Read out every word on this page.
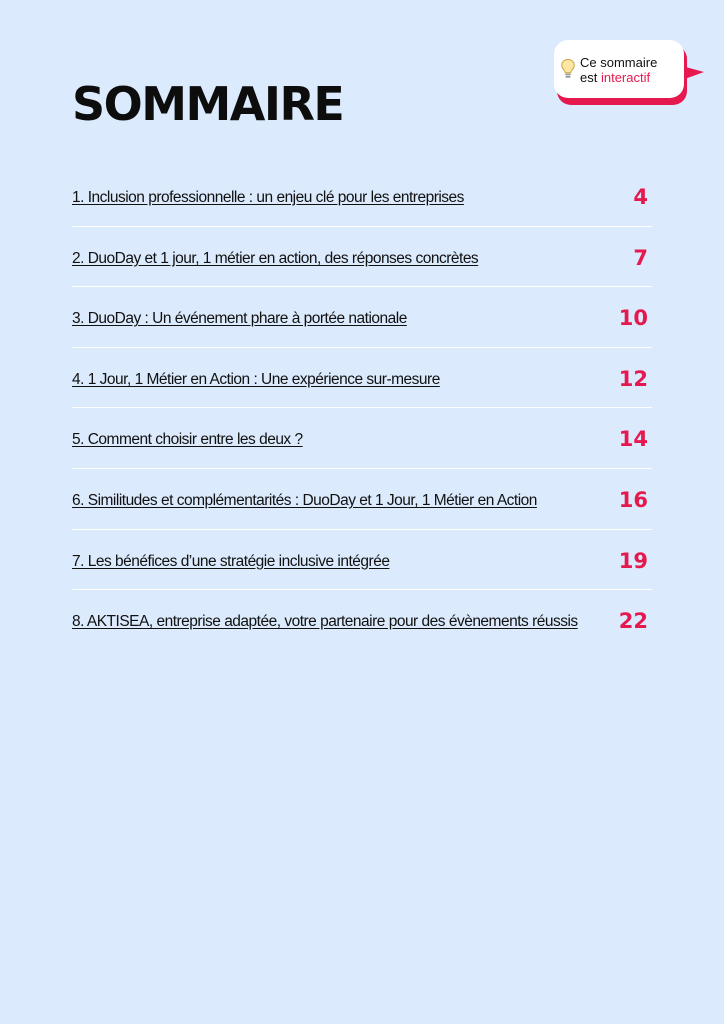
SOMMAIRE
Ce sommaire
est interactif
1. Inclusion professionnelle : un enjeu clé pour les entreprises	4
2. DuoDay et 1 jour, 1 métier en action, des réponses concrètes	7
3. DuoDay : Un événement phare à portée nationale	10
4. 1 Jour, 1 Métier en Action : Une expérience sur-mesure	12
5. Comment choisir entre les deux ?	14
6. Similitudes et complémentarités : DuoDay et 1 Jour, 1 Métier en Action	16
7. Les bénéfices d’une stratégie inclusive intégrée	19
8. AKTISEA, entreprise adaptée, votre partenaire pour des évènements réussis	22
